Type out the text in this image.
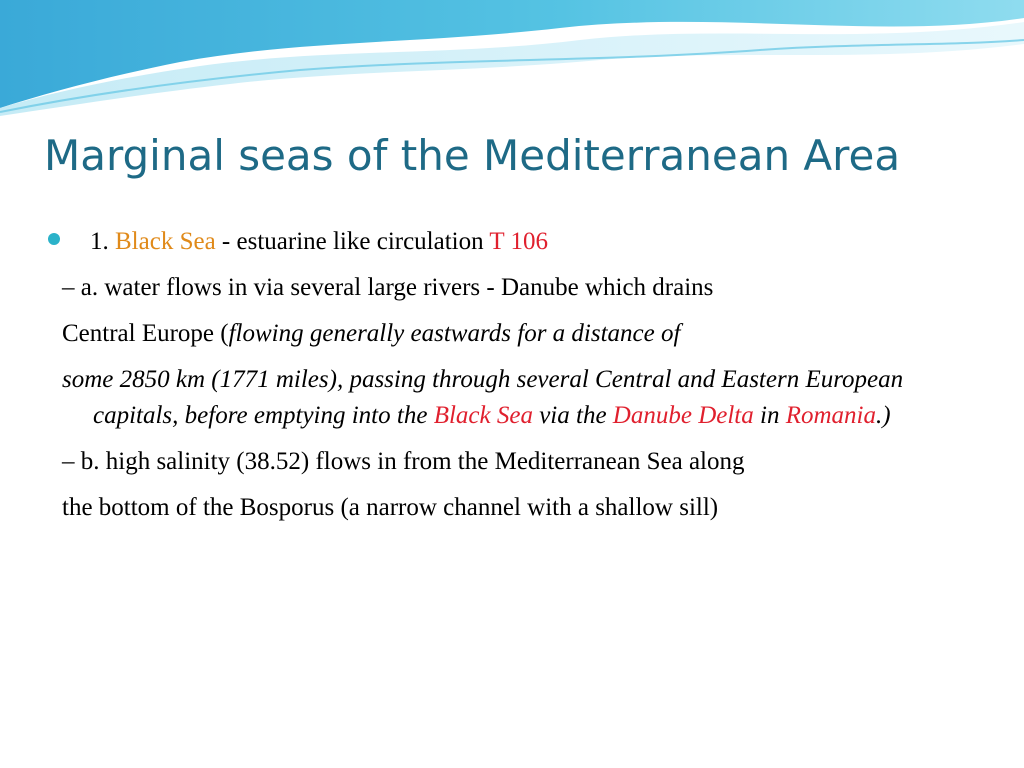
Marginal seas of the Mediterranean Area

1. Black Sea - estuarine like circulation T 106

– a. water flows in via several large rivers - Danube which drains

Central Europe (flowing generally eastwards for a distance of

some 2850 km (1771 miles), passing through several Central and Eastern European capitals, before emptying into the Black Sea via the Danube Delta in Romania.)

– b. high salinity (38.52) flows in from the Mediterranean Sea along

the bottom of the Bosporus (a narrow channel with a shallow sill)
